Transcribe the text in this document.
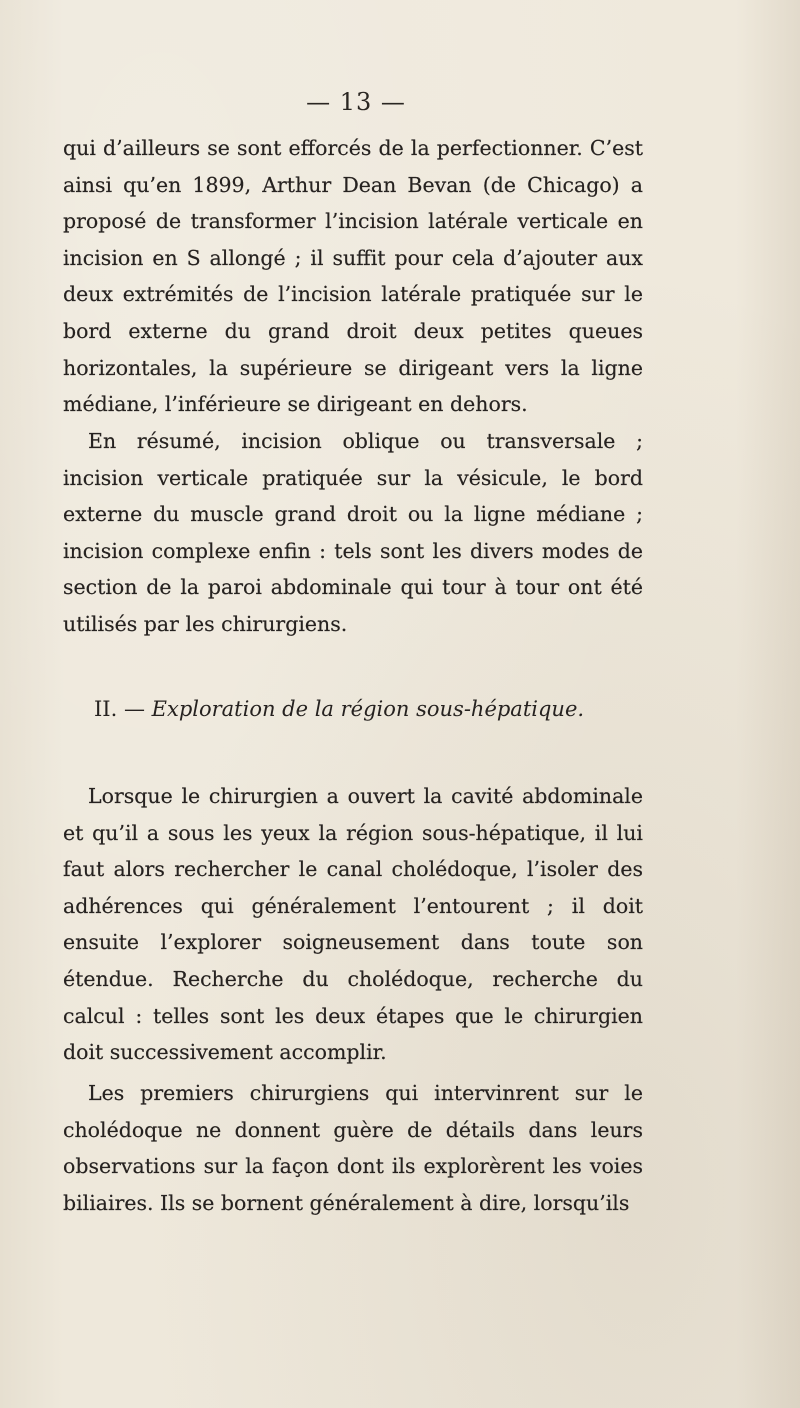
— 13 —

qui d’ailleurs se sont efforcés de la perfectionner. C’est ainsi qu’en 1899, Arthur Dean Bevan (de Chicago) a proposé de transformer l’incision latérale verticale en incision en S allongé ; il suffit pour cela d’ajouter aux deux extrémités de l’incision latérale pratiquée sur le bord externe du grand droit deux petites queues horizontales, la supérieure se dirigeant vers la ligne médiane, l’inférieure se dirigeant en dehors.

En résumé, incision oblique ou transversale ; incision verticale pratiquée sur la vésicule, le bord externe du muscle grand droit ou la ligne médiane ; incision complexe enfin : tels sont les divers modes de section de la paroi abdominale qui tour à tour ont été utilisés par les chirurgiens.

II. — Exploration de la région sous-hépatique.

Lorsque le chirurgien a ouvert la cavité abdominale et qu’il a sous les yeux la région sous-hépatique, il lui faut alors rechercher le canal cholédoque, l’isoler des adhérences qui généralement l’entourent ; il doit ensuite l’explorer soigneusement dans toute son étendue. Recherche du cholédoque, recherche du calcul : telles sont les deux étapes que le chirurgien doit successivement accomplir.

Les premiers chirurgiens qui intervinrent sur le cholédoque ne donnent guère de détails dans leurs observations sur la façon dont ils explorèrent les voies biliaires. Ils se bornent généralement à dire, lorsqu’ils
